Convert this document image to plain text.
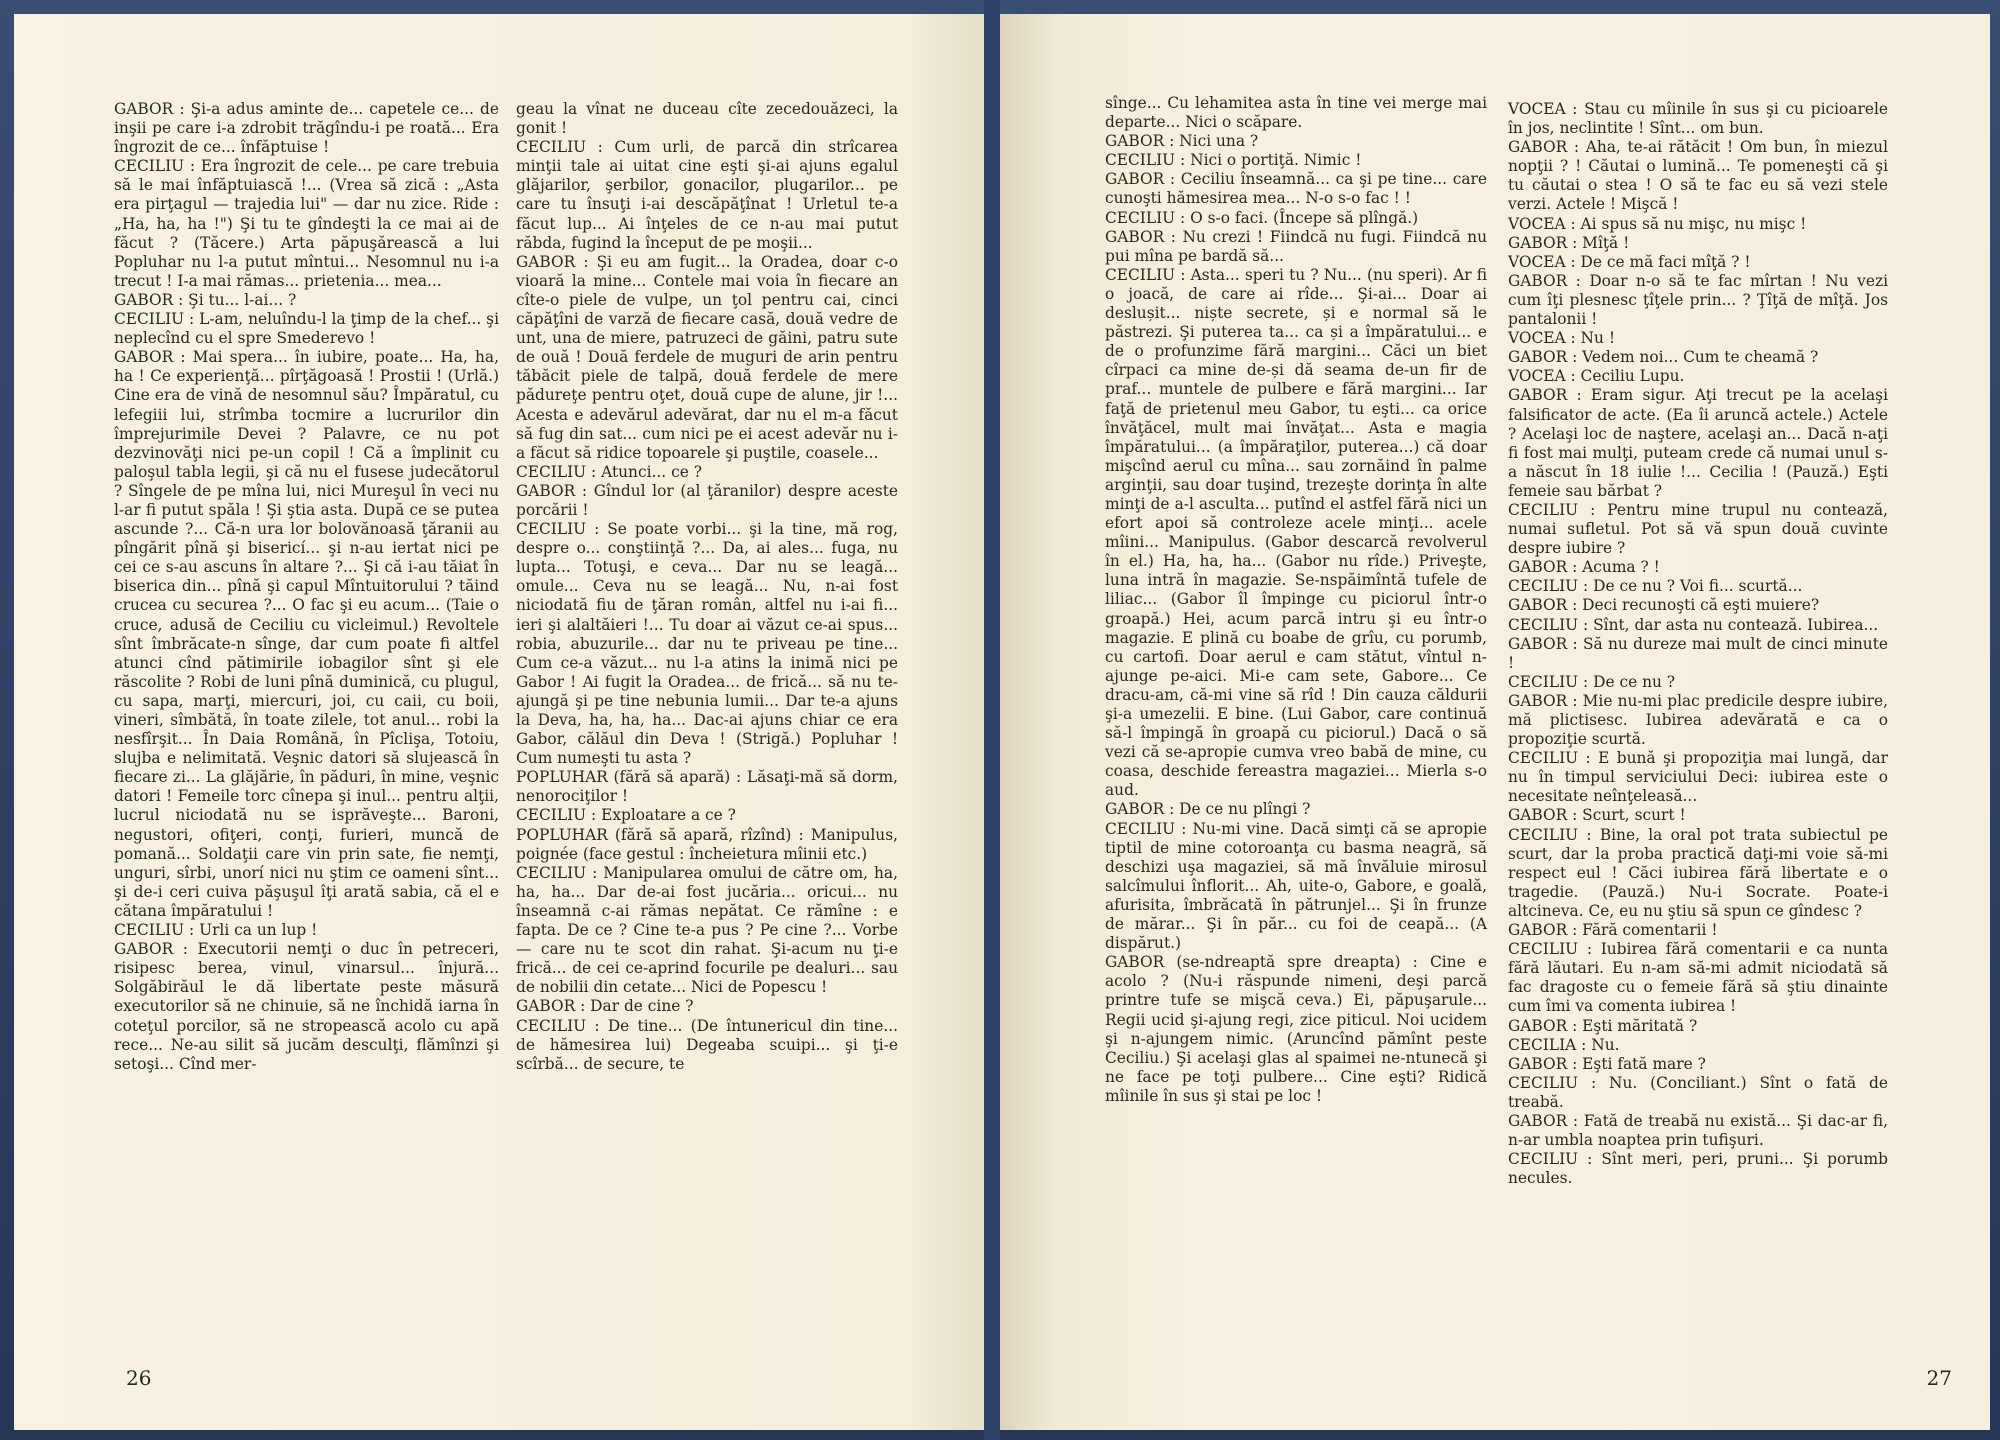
GABOR : Şi-a adus aminte de... capetele ce... de inşii pe care i-a zdrobit trăgîndu-i pe roată... Era îngrozit de ce... înfăptuise !
CECILIU : Era îngrozit de cele... pe care trebuia să le mai înfăptuiască !... (Vrea să zică : „Asta era pirţagul — trajedia lui" — dar nu zice. Ride : „Ha, ha, ha !") Şi tu te gîndeşti la ce mai ai de făcut ? (Tăcere.) Arta păpuşărească a lui Popluhar nu l-a putut mîntui... Nesomnul nu i-a trecut ! I-a mai rămas... prietenia... mea...
GABOR : Şi tu... l-ai... ?
CECILIU : L-am, neluîndu-l la ţimp de la chef... şi neplecînd cu el spre Smederevo !
GABOR : Mai spera... în iubire, poate... Ha, ha, ha ! Ce experienţă... pîrţăgoasă ! Prostii ! (Urlă.) Cine era de vină de nesomnul său? Împăratul, cu lefegiii lui, strîmba tocmire a lucrurilor din împrejurimile Devei ? Palavre, ce nu pot dezvinovăţi nici pe-un copil ! Că a împlinit cu paloşul tabla legii, şi că nu el fusese judecătorul ? Sîngele de pe mîna lui, nici Mureşul în veci nu l-ar fi putut spăla ! Şi ştia asta. După ce se putea ascunde ?... Că-n ura lor bolovănoasă ţăranii au pîngărit pînă şi bisericí... şi n-au iertat nici pe cei ce s-au ascuns în altare ?... Şi că i-au tăiat în biserica din... pînă şi capul Mîntuitorului ? tăind crucea cu securea ?... O fac şi eu acum... (Taie o cruce, adusă de Ceciliu cu vicleimul.) Revoltele sînt îmbrăcate-n sînge, dar cum poate fi altfel atunci cînd pătimirile iobagilor sînt şi ele răscolite ? Robi de luni pînă duminică, cu plugul, cu sapa, marţi, miercuri, joi, cu caii, cu boii, vineri, sîmbătă, în toate zilele, tot anul... robi la nesfîrşit... În Daia Română, în Pîclişa, Totoiu, slujba e nelimitată. Veşnic datori să slujească în fiecare zi... La glăjărie, în păduri, în mine, veşnic datori ! Femeile torc cînepa şi inul... pentru alţii, lucrul niciodată nu se isprăveşte... Baroni, negustori, ofiţeri, conţi, furieri, muncă de pomană... Soldaţii care vin prin sate, fie nemţi, unguri, sîrbi, unorí nici nu ştim ce oameni sînt... şi de-i ceri cuiva păşuşul îţi arată sabia, că el e cătana împăratului !
CECILIU : Urli ca un lup !
GABOR : Executorii nemţi o duc în petreceri, risipesc berea, vinul, vinarsul... înjură... Solgăbirăul le dă libertate peste măsură executorilor să ne chinuie, să ne închidă iarna în coteţul porcilor, să ne stropească acolo cu apă rece... Ne-au silit să jucăm desculţi, flămînzi şi setoşi... Cînd mer-
geau la vînat ne duceau cîte zecedouăzeci, la gonit !
CECILIU : Cum urli, de parcă din strîcarea minţii tale ai uitat cine eşti şi-ai ajuns egalul glăjarilor, şerbilor, gonacilor, plugarilor... pe care tu însuţi i-ai descăpăţînat ! Urletul te-a făcut lup... Ai înţeles de ce n-au mai putut răbda, fugind la început de pe moşii...
GABOR : Şi eu am fugit... la Oradea, doar c-o vioară la mine... Contele mai voia în fiecare an cîte-o piele de vulpe, un ţol pentru cai, cinci căpăţîni de varză de fiecare casă, două vedre de unt, una de miere, patruzeci de găini, patru sute de ouă ! Două ferdele de muguri de arin pentru tăbăcit piele de talpă, două ferdele de mere pădureţe pentru oţet, două cupe de alune, jir !... Acesta e adevărul adevărat, dar nu el m-a făcut să fug din sat... cum nici pe ei acest adevăr nu i-a făcut să ridice topoarele şi puştile, coasele...
CECILIU : Atunci... ce ?
GABOR : Gîndul lor (al ţăranilor) despre aceste porcării !
CECILIU : Se poate vorbi... şi la tine, mă rog, despre o... conştiinţă ?... Da, ai ales... fuga, nu lupta... Totuşi, e ceva... Dar nu se leagă... omule... Ceva nu se leagă... Nu, n-ai fost niciodată fiu de ţăran român, altfel nu i-ai fi... ieri şi alaltăieri !... Tu doar ai văzut ce-ai spus... robia, abuzurile... dar nu te priveau pe tine... Cum ce-a văzut... nu l-a atins la inimă nici pe Gabor ! Ai fugit la Oradea... de frică... să nu te-ajungă şi pe tine nebunia lumii... Dar te-a ajuns la Deva, ha, ha, ha... Dac-ai ajuns chiar ce era Gabor, călăul din Deva ! (Strigă.) Popluhar ! Cum numeşti tu asta ?
POPLUHAR (fără să apară) : Lăsaţi-mă să dorm, nenorociţilor !
CECILIU : Exploatare a ce ?
POPLUHAR (fără să apară, rîzînd) : Manipulus, poignée (face gestul : încheietura mîinii etc.)
CECILIU : Manipularea omului de către om, ha, ha, ha... Dar de-ai fost jucăria... oricui... nu înseamnă c-ai rămas nepătat. Ce rămîne : e fapta. De ce ? Cine te-a pus ? Pe cine ?... Vorbe — care nu te scot din rahat. Şi-acum nu ţi-e frică... de cei ce-aprind focurile pe dealuri... sau de nobilii din cetate... Nici de Popescu !
GABOR : Dar de cine ?
CECILIU : De tine... (De întunericul din tine... de hămesirea lui) Degeaba scuipi... şi ţi-e scîrbă... de secure, te
26
sînge... Cu lehamitea asta în tine vei merge mai departe... Nici o scăpare.
GABOR : Nici una ?
CECILIU : Nici o portiţă. Nimic !
GABOR : Ceciliu înseamnă... ca şi pe tine... care cunoşti hămesirea mea... N-o s-o fac ! !
CECILIU : O s-o faci. (Începe să plîngă.)
GABOR : Nu crezi ! Fiindcă nu fugi. Fiindcă nu pui mîna pe bardă să...
CECILIU : Asta... speri tu ? Nu... (nu speri). Ar fi o joacă, de care ai rîde... Şi-ai... Doar ai deslușit... niște secrete, și e normal să le păstrezi. Şi puterea ta... ca și a împăratului... e de o profunzime fără margini... Căci un biet cîrpaci ca mine de-și dă seama de-un fir de praf... muntele de pulbere e fără margini... Iar faţă de prietenul meu Gabor, tu eşti... ca orice învăţăcel, mult mai învăţat... Asta e magia împăratului... (a împăraţilor, puterea...) că doar mişcînd aerul cu mîna... sau zornăind în palme arginţii, sau doar tuşind, trezeşte dorinţa în alte minţi de a-l asculta... putînd el astfel fără nici un efort apoi să controleze acele minţi... acele mîini... Manipulus. (Gabor descarcă revolverul în el.) Ha, ha, ha... (Gabor nu rîde.) Priveşte, luna intră în magazie. Se-nspăimîntă tufele de liliac... (Gabor îl împinge cu piciorul într-o groapă.) Hei, acum parcă intru şi eu într-o magazie. E plină cu boabe de grîu, cu porumb, cu cartofi. Doar aerul e cam stătut, vîntul n-ajunge pe-aici. Mi-e cam sete, Gabore... Ce dracu-am, că-mi vine să rîd ! Din cauza căldurii şi-a umezelii. E bine. (Lui Gabor, care continuă să-l împingă în groapă cu piciorul.) Dacă o să vezi că se-apropie cumva vreo babă de mine, cu coasa, deschide fereastra magaziei... Mierla s-o aud.
GABOR : De ce nu plîngi ?
CECILIU : Nu-mi vine. Dacă simţi că se apropie tiptil de mine cotoroanţa cu basma neagră, să deschizi uşa magaziei, să mă învăluie mirosul salcîmului înflorit... Ah, uite-o, Gabore, e goală, afurisita, îmbrăcată în pătrunjel... Şi în frunze de mărar... Şi în păr... cu foi de ceapă... (A dispărut.)
GABOR (se-ndreaptă spre dreapta) : Cine e acolo ? (Nu-i răspunde nimeni, deşi parcă printre tufe se mişcă ceva.) Ei, păpuşarule... Regii ucid şi-ajung regi, zice piticul. Noi ucidem şi n-ajungem nimic. (Aruncînd pămînt peste Ceciliu.) Şi acelaşi glas al spaimei ne-ntunecă şi ne face pe toţi pulbere... Cine eşti? Ridică mîinile în sus şi stai pe loc !
VOCEA : Stau cu mîinile în sus şi cu picioarele în jos, neclintite ! Sînt... om bun.
GABOR : Aha, te-ai rătăcit ! Om bun, în miezul nopţii ? ! Căutai o lumină... Te pomeneşti că şi tu căutai o stea ! O să te fac eu să vezi stele verzi. Actele ! Mişcă !
VOCEA : Ai spus să nu mişc, nu mişc !
GABOR : Mîţă !
VOCEA : De ce mă faci mîţă ? !
GABOR : Doar n-o să te fac mîrtan ! Nu vezi cum îţi plesnesc ţîţele prin... ? Ţîţă de mîţă. Jos pantalonii !
VOCEA : Nu !
GABOR : Vedem noi... Cum te cheamă ?
VOCEA : Ceciliu Lupu.
GABOR : Eram sigur. Aţi trecut pe la acelaşi falsificator de acte. (Ea îi aruncă actele.) Actele ? Acelaşi loc de naştere, acelaşi an... Dacă n-aţi fi fost mai mulţi, puteam crede că numai unul s-a născut în 18 iulie !... Cecilia ! (Pauză.) Eşti femeie sau bărbat ?
CECILIU : Pentru mine trupul nu contează, numai sufletul. Pot să vă spun două cuvinte despre iubire ?
GABOR : Acuma ? !
CECILIU : De ce nu ? Voi fi... scurtă...
GABOR : Deci recunoşti că eşti muiere?
CECILIU : Sînt, dar asta nu contează. Iubirea...
GABOR : Să nu dureze mai mult de cinci minute !
CECILIU : De ce nu ?
GABOR : Mie nu-mi plac predicile despre iubire, mă plictisesc. Iubirea adevărată e ca o propoziţie scurtă.
CECILIU : E bună şi propoziţia mai lungă, dar nu în timpul serviciului Deci: iubirea este o necesitate neînţeleasă...
GABOR : Scurt, scurt !
CECILIU : Bine, la oral pot trata subiectul pe scurt, dar la proba practică daţi-mi voie să-mi respect eul ! Căci iubirea fără libertate e o tragedie. (Pauză.) Nu-i Socrate. Poate-i altcineva. Ce, eu nu ştiu să spun ce gîndesc ?
GABOR : Fără comentarii !
CECILIU : Iubirea fără comentarii e ca nunta fără lăutari. Eu n-am să-mi admit niciodată să fac dragoste cu o femeie fără să ştiu dinainte cum îmi va comenta iubirea !
GABOR : Eşti măritată ?
CECILIA : Nu.
GABOR : Eşti fată mare ?
CECILIU : Nu. (Conciliant.) Sînt o fată de treabă.
GABOR : Fată de treabă nu există... Şi dac-ar fi, n-ar umbla noaptea prin tufişuri.
CECILIU : Sînt meri, peri, pruni... Şi porumb necules.
27
